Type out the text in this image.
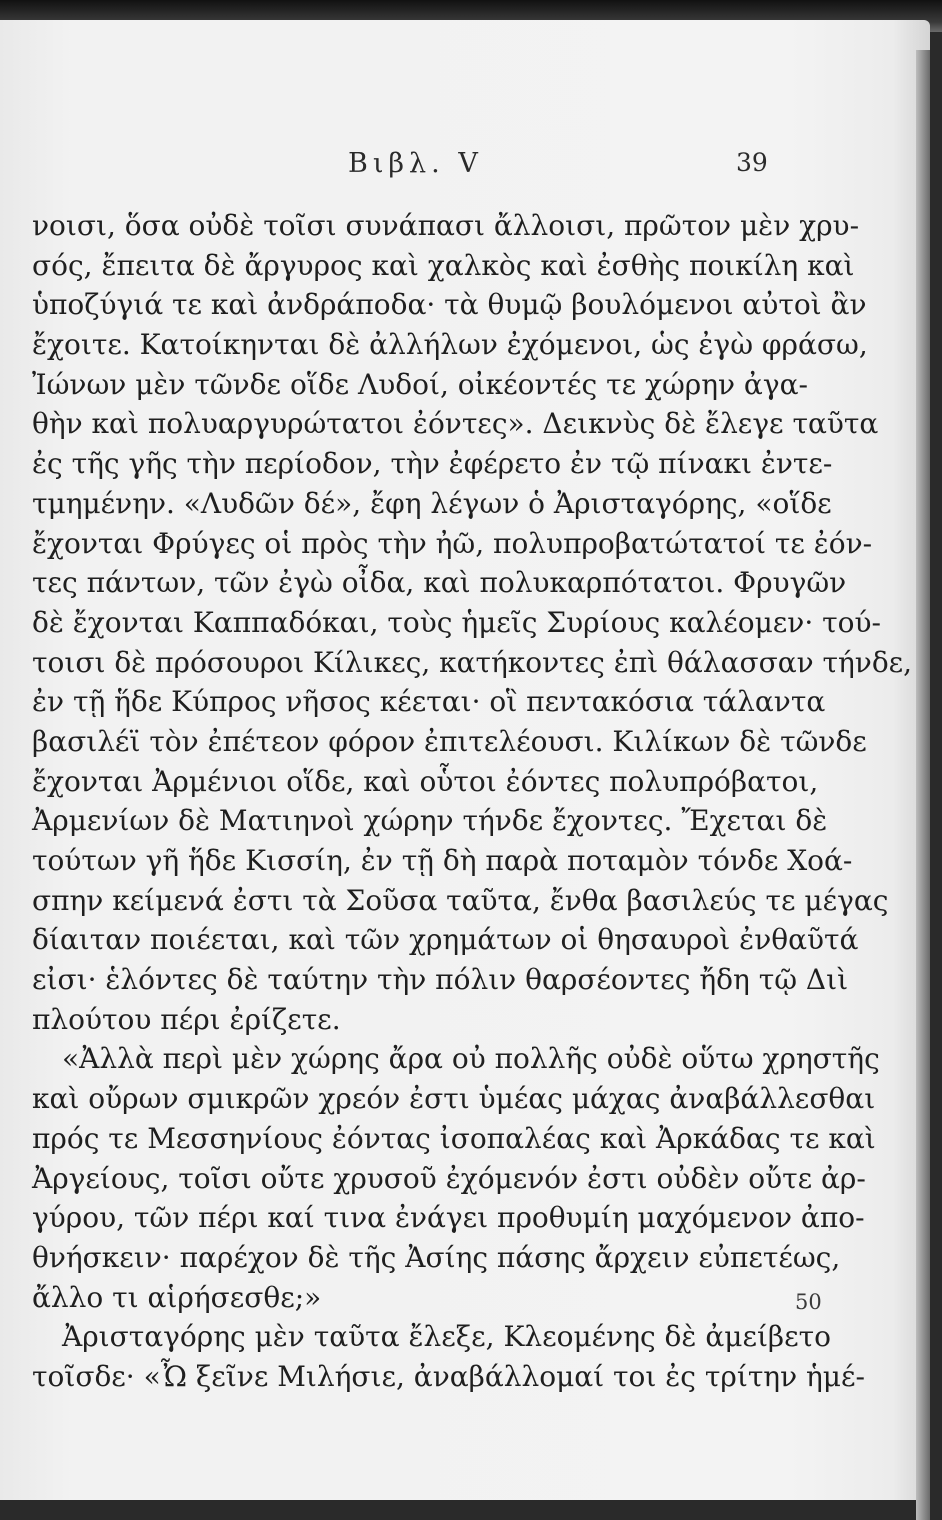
Βιβλ. V	39
νοισι, ὅσα οὐδὲ τοῖσι συνάπασι ἄλλοισι, πρῶτον μὲν χρυ-
σός, ἔπειτα δὲ ἄργυρος καὶ χαλκὸς καὶ ἐσθὴς ποικίλη καὶ
ὑποζύγιά τε καὶ ἀνδράποδα· τὰ θυμῷ βουλόμενοι αὐτοὶ ἂν
ἔχοιτε. Κατοίκηνται δὲ ἀλλήλων ἐχόμενοι, ὡς ἐγὼ φράσω,
Ἰώνων μὲν τῶνδε οἵδε Λυδοί, οἰκέοντές τε χώρην ἀγα-
θὴν καὶ πολυαργυρώτατοι ἐόντες». Δεικνὺς δὲ ἔλεγε ταῦτα
ἐς τῆς γῆς τὴν περίοδον, τὴν ἐφέρετο ἐν τῷ πίνακι ἐντε-
τμημένην. «Λυδῶν δέ», ἔφη λέγων ὁ Ἀρισταγόρης, «οἵδε
ἔχονται Φρύγες οἱ πρὸς τὴν ἠῶ, πολυπροβατώτατοί τε ἐόν-
τες πάντων, τῶν ἐγὼ οἶδα, καὶ πολυκαρπότατοι. Φρυγῶν
δὲ ἔχονται Καππαδόκαι, τοὺς ἡμεῖς Συρίους καλέομεν· τού-
τοισι δὲ πρόσουροι Κίλικες, κατήκοντες ἐπὶ θάλασσαν τήνδε,
ἐν τῇ ἥδε Κύπρος νῆσος κέεται· οἳ πεντακόσια τάλαντα
βασιλέϊ τὸν ἐπέτεον φόρον ἐπιτελέουσι. Κιλίκων δὲ τῶνδε
ἔχονται Ἀρμένιοι οἵδε, καὶ οὗτοι ἐόντες πολυπρόβατοι,
Ἀρμενίων δὲ Ματιηνοὶ χώρην τήνδε ἔχοντες. Ἔχεται δὲ
τούτων γῆ ἥδε Κισσίη, ἐν τῇ δὴ παρὰ ποταμὸν τόνδε Χοά-
σπην κείμενά ἐστι τὰ Σοῦσα ταῦτα, ἔνθα βασιλεύς τε μέγας
δίαιταν ποιέεται, καὶ τῶν χρημάτων οἱ θησαυροὶ ἐνθαῦτά
εἰσι· ἑλόντες δὲ ταύτην τὴν πόλιν θαρσέοντες ἤδη τῷ Διὶ
πλούτου πέρι ἐρίζετε.
«Ἀλλὰ περὶ μὲν χώρης ἄρα οὐ πολλῆς οὐδὲ οὕτω χρηστῆς
καὶ οὔρων σμικρῶν χρεόν ἐστι ὑμέας μάχας ἀναβάλλεσθαι
πρός τε Μεσσηνίους ἐόντας ἰσοπαλέας καὶ Ἀρκάδας τε καὶ
Ἀργείους, τοῖσι οὔτε χρυσοῦ ἐχόμενόν ἐστι οὐδὲν οὔτε ἀρ-
γύρου, τῶν πέρι καί τινα ἐνάγει προθυμίη μαχόμενον ἀπο-
θνήσκειν· παρέχον δὲ τῆς Ἀσίης πάσης ἄρχειν εὐπετέως,
ἄλλο τι αἱρήσεσθε;»
Ἀρισταγόρης μὲν ταῦτα ἔλεξε, Κλεομένης δὲ ἀμείβετο
τοῖσδε· «Ὦ ξεῖνε Μιλήσιε, ἀναβάλλομαί τοι ἐς τρίτην ἡμέ-
50
